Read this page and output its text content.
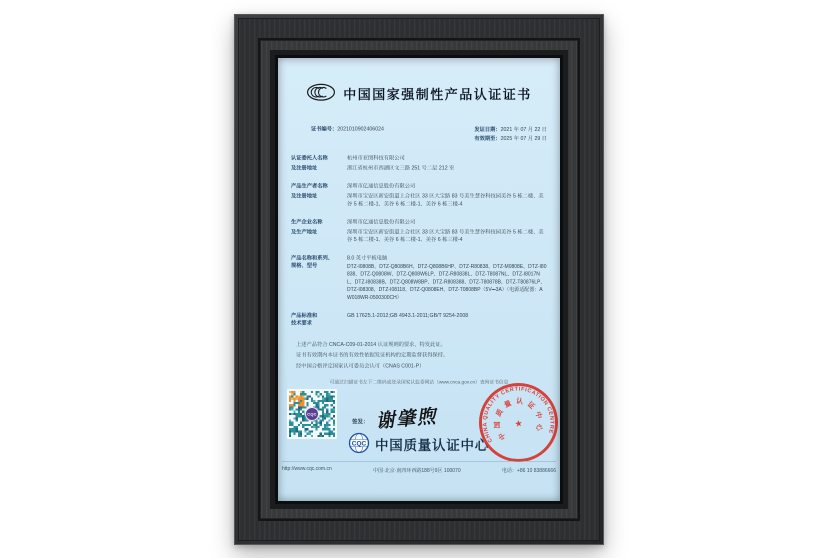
中国国家强制性产品认证证书
证书编号：2021010902406024	发证日期：2021 年 07 月 22 日
有效期至：2025 年 07 月 29 日
认证委托人名称	杭州市亚图科技有限公司
及注册地址	浙江省杭州市西湖区文三路 251 号二层 212 室
产品生产者名称	深圳市亿通信息股份有限公司
及注册地址	深圳市宝安区新安街道上合社区 33 区大宝路 83 号美生慧谷科技园美谷 5 栋二楼、美谷 5 栋二楼-1、美谷 6 栋二楼-1、美谷 6 栋三楼-4
生产企业名称	深圳市亿通信息股份有限公司
及生产地址	深圳市宝安区新安街道上合社区 33 区大宝路 83 号美生慧谷科技园美谷 5 栋二楼、美谷 5 栋二楼-1、美谷 6 栋二楼-1、美谷 6 栋三楼-4
产品名称和系列、
规格、型号
8.0 英寸平板电脑
DTZ-I0808B、DTZ-Q808B6H、DTZ-Q808B6HP、DTZ-R80838、DTZ-M0808E、DTZ-I80838、DTZ-Q0808W、DTZ-Q808W6LP、DTZ-R80838L、DTZ-T8087NL、DTZ-I8017NL、DTZ-I80838B、DTZ-Q808W8BP、DTZ-R808388、DTZ-T80878B、DTZ-T80876LP、DTZ-I08308、DTZ-I08118、DTZ-Q0808EH、DTZ-T0808BP（5V⎓3A）（电源适配器：AW018WR-0500300CH）
产品标准和
技术要求
GB 17625.1-2012;GB 4943.1-2011;GB/T 9254-2008

上述产品符合 CNCA-C09-01-2014 认证规则的要求，特发此证。

证书有效期内本证书的有效性依据发证机构的定期监督获得保持。

经中国合格评定国家认可委员会认可（CNAS C001-P）

可通过扫描证书左下二维码或登录国家认监委网站（www.cnca.gov.cn）查询证书信息
CQC
签发： 谢肇煦
CQC 中国质量认证中心
CHINA QUALITY CERTIFICATION CENTRE
中国质量认证中心
★
http://www.cqc.com.cn	中国·北京·南四环西路188号9区 100070	电话：+86 10 83886666
